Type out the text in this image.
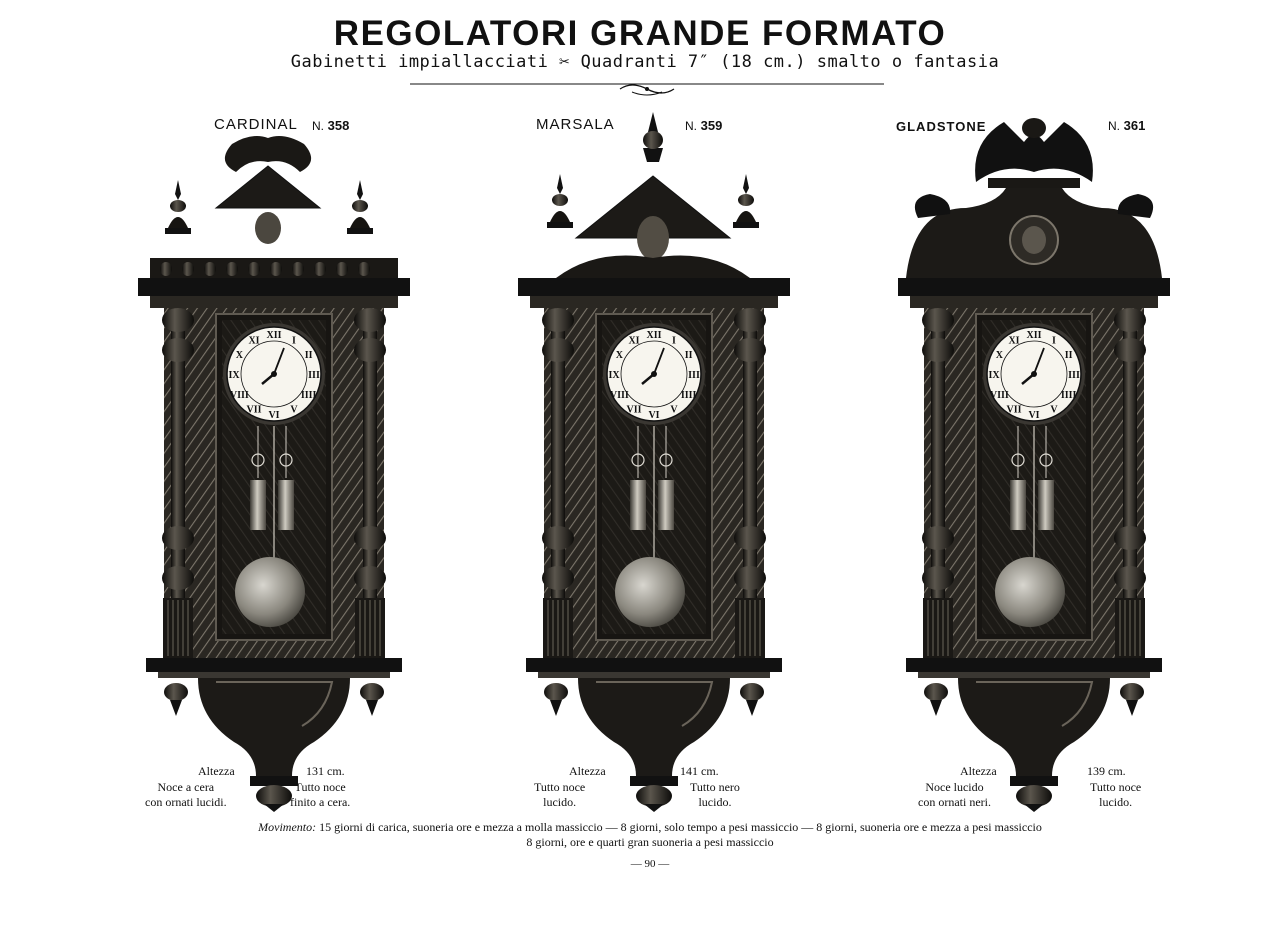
REGOLATORI GRANDE FORMATO
Gabinetti impiallacciati ✂ Quadranti 7″ (18 cm.) smalto o fantasia
CARDINAL N. 358
XII I
II
III
IIII
V
VI
VII
VIII
IX
X
XI
MARSALA	N. 359
XII I
II
III
IIII
V
VI
VII
VIII
IX
X
XI
GLADSTONE	N. 361
XII I
II
III
IIII
V
VI
VII
VIII
IX
X
XI
Altezza	131 cm.
Noce a cera
con ornati lucidi.
Tutto noce
finito a cera.
Altezza	141 cm.
Tutto noce
lucido.
Tutto nero
lucido.
Altezza	139 cm.
Noce lucido
con ornati neri.
Tutto noce
lucido.
Movimento: 15 giorni di carica, suoneria ore e mezza a molla massiccio — 8 giorni, solo tempo a pesi massiccio — 8 giorni, suoneria ore e mezza a pesi massiccio
8 giorni, ore e quarti gran suoneria a pesi massiccio
— 90 —
